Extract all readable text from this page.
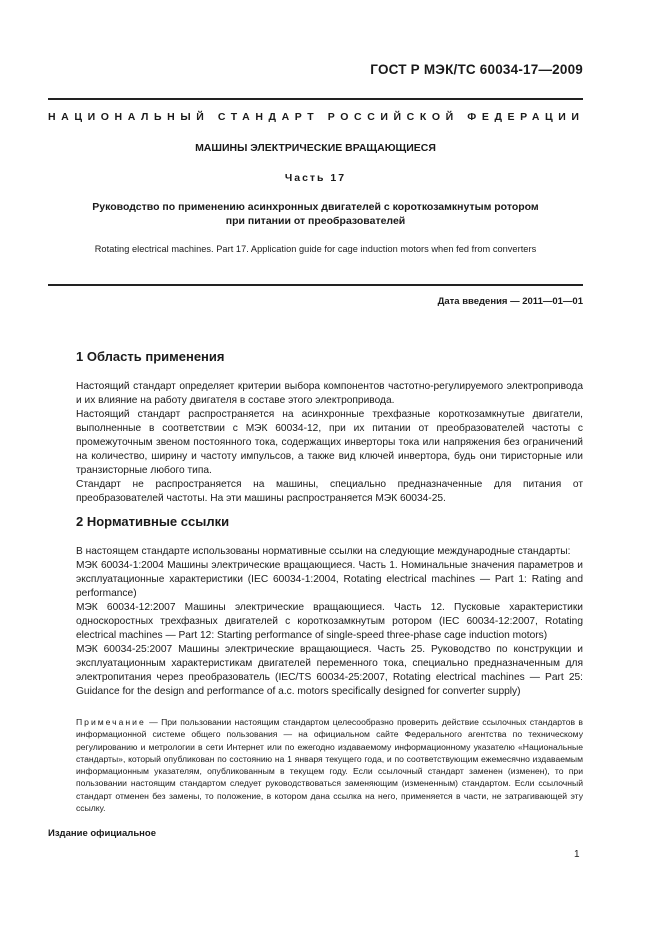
ГОСТ Р МЭК/ТС 60034-17—2009
НАЦИОНАЛЬНЫЙ СТАНДАРТ РОССИЙСКОЙ ФЕДЕРАЦИИ
МАШИНЫ ЭЛЕКТРИЧЕСКИЕ ВРАЩАЮЩИЕСЯ
Часть 17
Руководство по применению асинхронных двигателей с короткозамкнутым ротором
при питании от преобразователей
Rotating electrical machines. Part 17. Application guide for cage induction motors when fed from converters
Дата введения — 2011—01—01
1 Область применения

Настоящий стандарт определяет критерии выбора компонентов частотно-регулируемого электропривода и их влияние на работу двигателя в составе этого электропривода.

Настоящий стандарт распространяется на асинхронные трехфазные короткозамкнутые двигатели, выполненные в соответствии с МЭК 60034-12, при их питании от преобразователей частоты с промежуточным звеном постоянного тока, содержащих инверторы тока или напряжения без ограничений на количество, ширину и частоту импульсов, а также вид ключей инвертора, будь они тиристорные или транзисторные любого типа.

Стандарт не распространяется на машины, специально предназначенные для питания от преобразователей частоты. На эти машины распространяется МЭК 60034-25.

2 Нормативные ссылки

В настоящем стандарте использованы нормативные ссылки на следующие международные стандарты:

МЭК 60034-1:2004 Машины электрические вращающиеся. Часть 1. Номинальные значения параметров и эксплуатационные характеристики (IEC 60034-1:2004, Rotating electrical machines — Part 1: Rating and performance)

МЭК 60034-12:2007 Машины электрические вращающиеся. Часть 12. Пусковые характеристики односкоростных трехфазных двигателей с короткозамкнутым ротором (IEC 60034-12:2007, Rotating electrical machines — Part 12: Starting performance of single-speed three-phase cage induction motors)

МЭК 60034-25:2007 Машины электрические вращающиеся. Часть 25. Руководство по конструкции и эксплуатационным характеристикам двигателей переменного тока, специально предназначенным для электропитания через преобразователь (IEC/TS 60034-25:2007, Rotating electrical machines — Part 25: Guidance for the design and performance of a.c. motors specifically designed for converter supply)

Примечание — При пользовании настоящим стандартом целесообразно проверить действие ссылочных стандартов в информационной системе общего пользования — на официальном сайте Федерального агентства по техническому регулированию и метрологии в сети Интернет или по ежегодно издаваемому информационному указателю «Национальные стандарты», который опубликован по состоянию на 1 января текущего года, и по соответствующим ежемесячно издаваемым информационным указателям, опубликованным в текущем году. Если ссылочный стандарт заменен (изменен), то при пользовании настоящим стандартом следует руководствоваться заменяющим (измененным) стандартом. Если ссылочный стандарт отменен без замены, то положение, в котором дана ссылка на него, применяется в части, не затрагивающей эту ссылку.
Издание официальное
1
